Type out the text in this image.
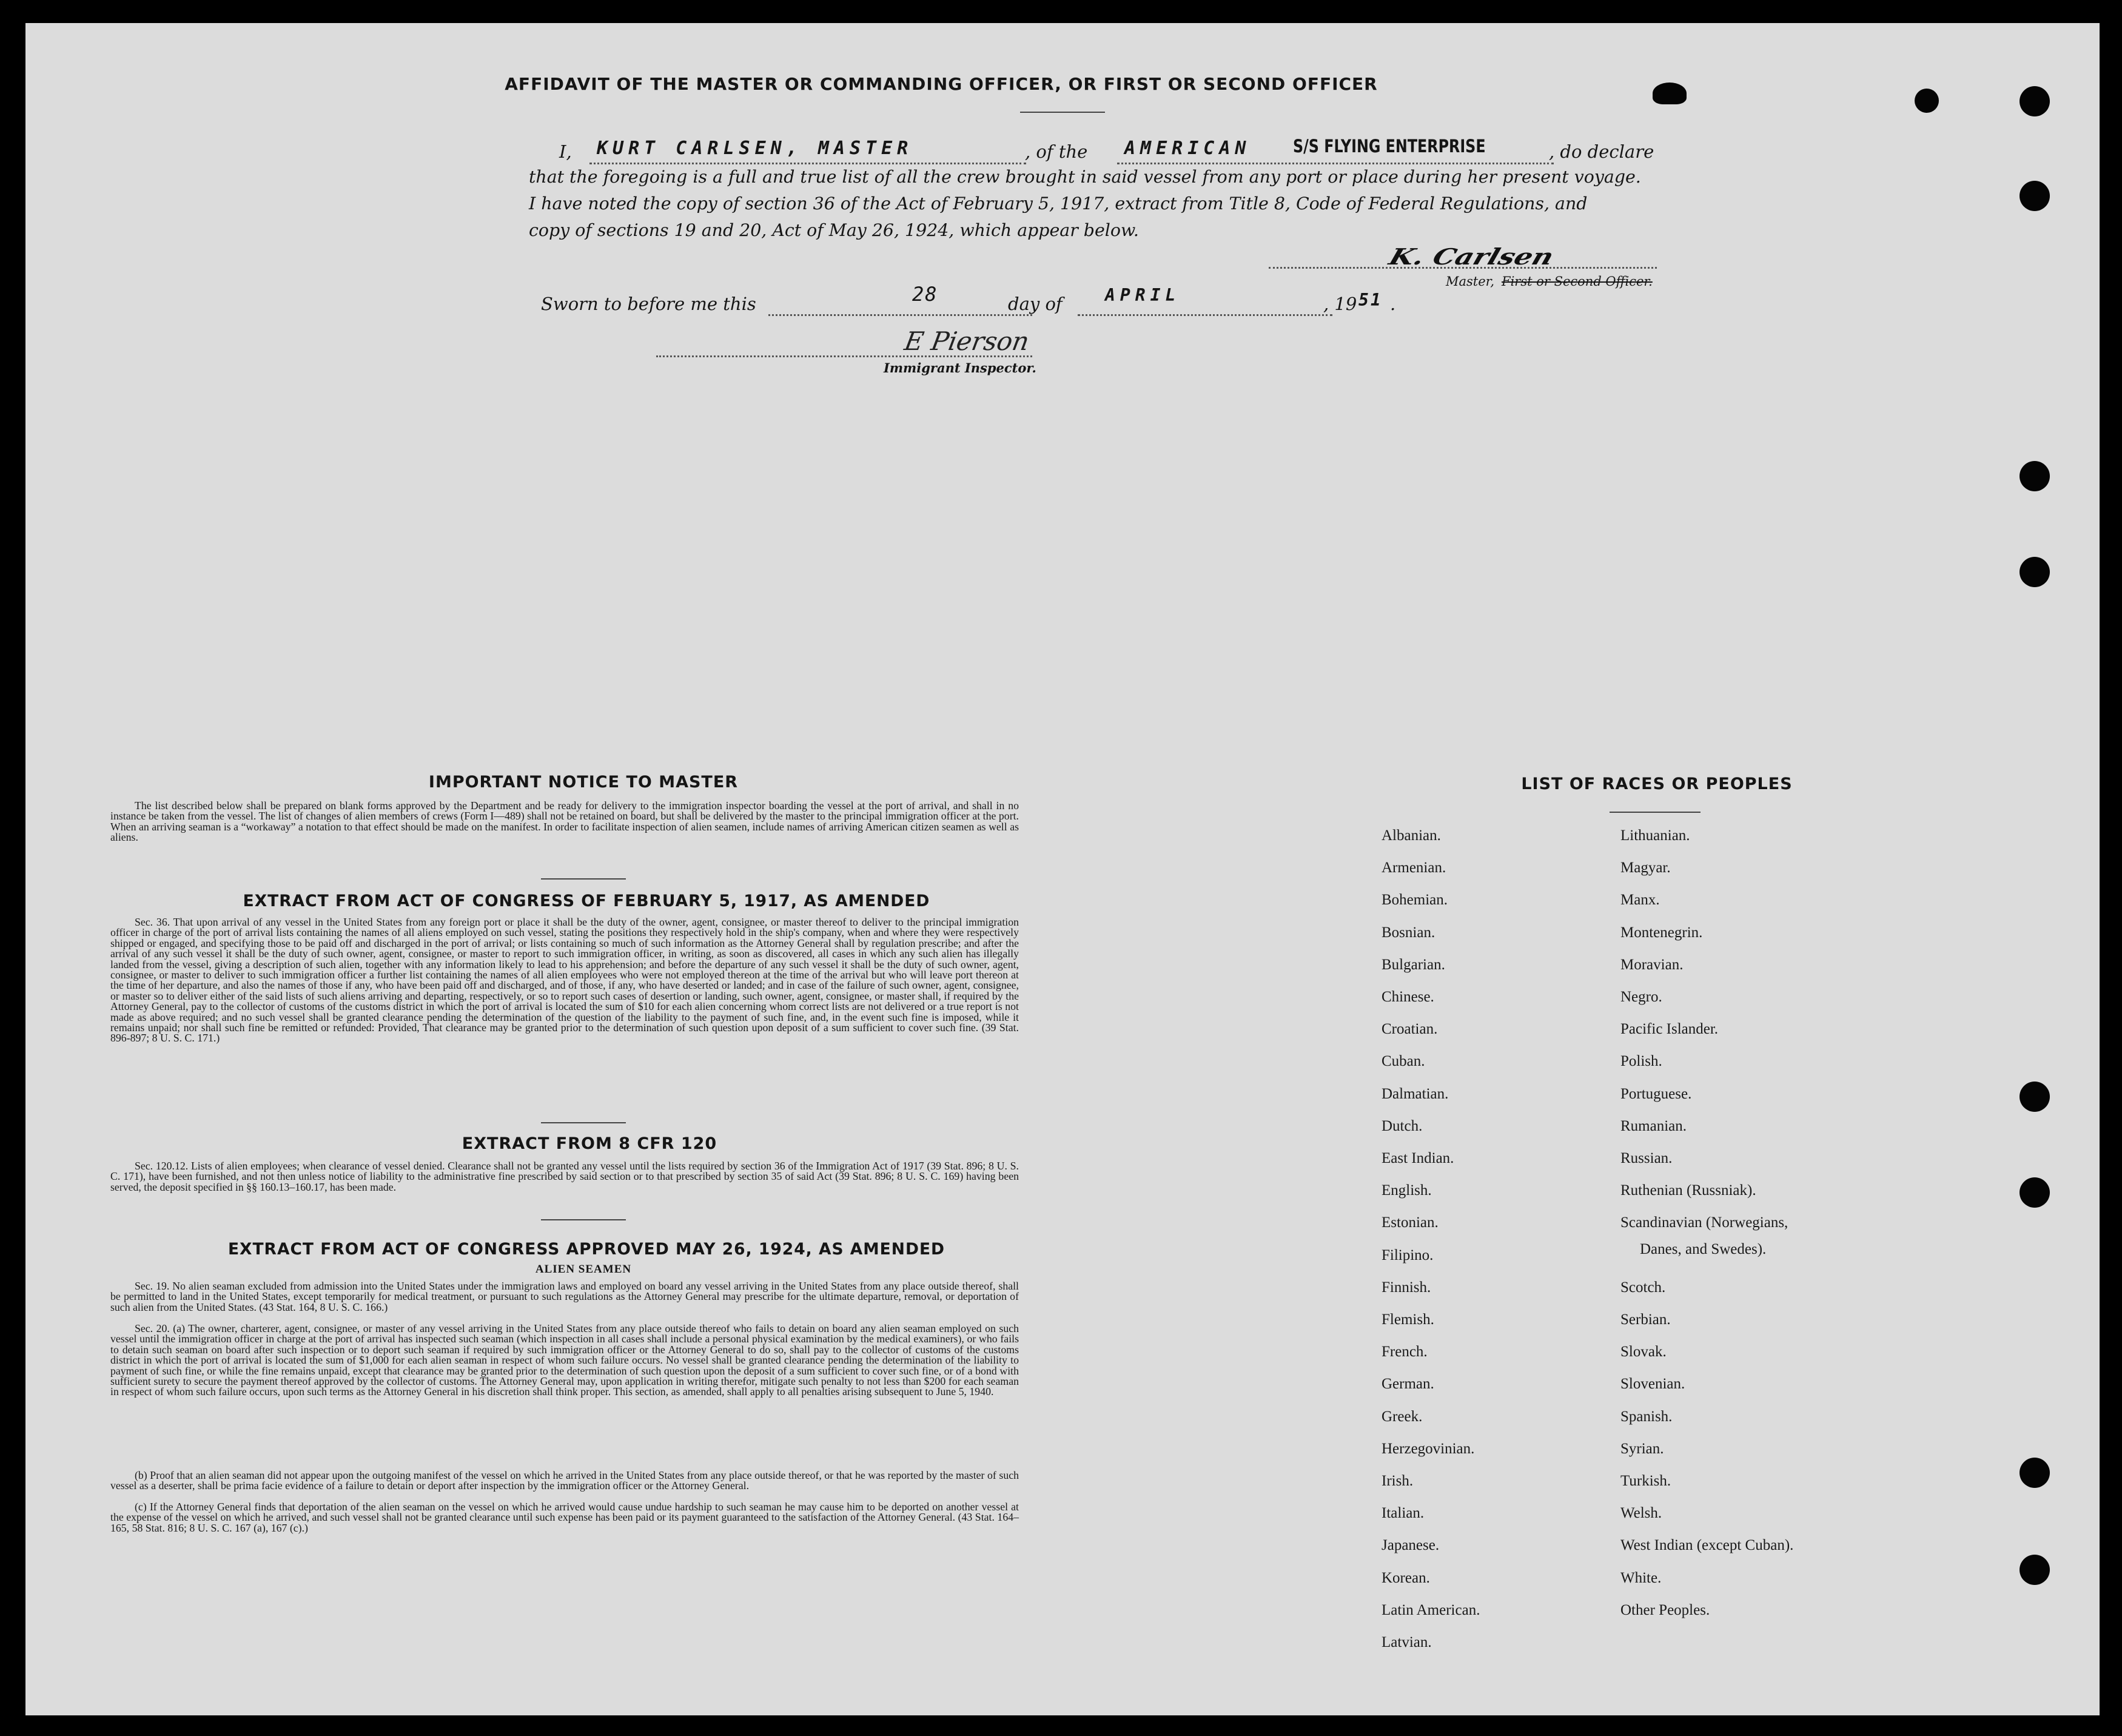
AFFIDAVIT OF THE MASTER OR COMMANDING OFFICER, OR FIRST OR SECOND OFFICER
I, KURT CARLSEN, MASTER	, of the AMERICAN S/S FLYING ENTERPRISE	, do declare
that the foregoing is a full and true list of all the crew brought in said vessel from any port or place during her present voyage.
I have noted the copy of section 36 of the Act of February 5, 1917, extract from Title 8, Code of Federal Regulations, and
copy of sections 19 and 20, Act of May 26, 1924, which appear below.
K. Carlsen
Master, First or Second Officer.
Sworn to before me this	28	day of	APRIL	, 19 51 .
E Pierson
Immigrant Inspector.
IMPORTANT NOTICE TO MASTER
The list described below shall be prepared on blank forms approved by the Department and be ready for delivery to the immigration inspector boarding the vessel at the port of arrival, and shall in no instance be taken from the vessel. The list of changes of alien members of crews (Form I—489) shall not be retained on board, but shall be delivered by the master to the principal immigration officer at the port. When an arriving seaman is a “workaway” a notation to that effect should be made on the manifest. In order to facilitate inspection of alien seamen, include names of arriving American citizen seamen as well as aliens.
EXTRACT FROM ACT OF CONGRESS OF FEBRUARY 5, 1917, AS AMENDED
Sec. 36. That upon arrival of any vessel in the United States from any foreign port or place it shall be the duty of the owner, agent, consignee, or master thereof to deliver to the principal immigration officer in charge of the port of arrival lists containing the names of all aliens employed on such vessel, stating the positions they respectively hold in the ship's company, when and where they were respectively shipped or engaged, and specifying those to be paid off and discharged in the port of arrival; or lists containing so much of such information as the Attorney General shall by regulation prescribe; and after the arrival of any such vessel it shall be the duty of such owner, agent, consignee, or master to report to such immigration officer, in writing, as soon as discovered, all cases in which any such alien has illegally landed from the vessel, giving a description of such alien, together with any information likely to lead to his apprehension; and before the departure of any such vessel it shall be the duty of such owner, agent, consignee, or master to deliver to such immigration officer a further list containing the names of all alien employees who were not employed thereon at the time of the arrival but who will leave port thereon at the time of her departure, and also the names of those if any, who have been paid off and discharged, and of those, if any, who have deserted or landed; and in case of the failure of such owner, agent, consignee, or master so to deliver either of the said lists of such aliens arriving and departing, respectively, or so to report such cases of desertion or landing, such owner, agent, consignee, or master shall, if required by the Attorney General, pay to the collector of customs of the customs district in which the port of arrival is located the sum of $10 for each alien concerning whom correct lists are not delivered or a true report is not made as above required; and no such vessel shall be granted clearance pending the determination of the question of the liability to the payment of such fine, and, in the event such fine is imposed, while it remains unpaid; nor shall such fine be remitted or refunded: Provided, That clearance may be granted prior to the determination of such question upon deposit of a sum sufficient to cover such fine. (39 Stat. 896-897; 8 U. S. C. 171.)
EXTRACT FROM 8 CFR 120
Sec. 120.12. Lists of alien employees; when clearance of vessel denied. Clearance shall not be granted any vessel until the lists required by section 36 of the Immigration Act of 1917 (39 Stat. 896; 8 U. S. C. 171), have been furnished, and not then unless notice of liability to the administrative fine prescribed by said section or to that prescribed by section 35 of said Act (39 Stat. 896; 8 U. S. C. 169) having been served, the deposit specified in §§ 160.13–160.17, has been made.
EXTRACT FROM ACT OF CONGRESS APPROVED MAY 26, 1924, AS AMENDED
ALIEN SEAMEN
Sec. 19. No alien seaman excluded from admission into the United States under the immigration laws and employed on board any vessel arriving in the United States from any place outside thereof, shall be permitted to land in the United States, except temporarily for medical treatment, or pursuant to such regulations as the Attorney General may prescribe for the ultimate departure, removal, or deportation of such alien from the United States. (43 Stat. 164, 8 U. S. C. 166.)
Sec. 20. (a) The owner, charterer, agent, consignee, or master of any vessel arriving in the United States from any place outside thereof who fails to detain on board any alien seaman employed on such vessel until the immigration officer in charge at the port of arrival has inspected such seaman (which inspection in all cases shall include a personal physical examination by the medical examiners), or who fails to detain such seaman on board after such inspection or to deport such seaman if required by such immigration officer or the Attorney General to do so, shall pay to the collector of customs of the customs district in which the port of arrival is located the sum of $1,000 for each alien seaman in respect of whom such failure occurs. No vessel shall be granted clearance pending the determination of the liability to payment of such fine, or while the fine remains unpaid, except that clearance may be granted prior to the determination of such question upon the deposit of a sum sufficient to cover such fine, or of a bond with sufficient surety to secure the payment thereof approved by the collector of customs. The Attorney General may, upon application in writing therefor, mitigate such penalty to not less than $200 for each seaman in respect of whom such failure occurs, upon such terms as the Attorney General in his discretion shall think proper. This section, as amended, shall apply to all penalties arising subsequent to June 5, 1940.
(b) Proof that an alien seaman did not appear upon the outgoing manifest of the vessel on which he arrived in the United States from any place outside thereof, or that he was reported by the master of such vessel as a deserter, shall be prima facie evidence of a failure to detain or deport after inspection by the immigration officer or the Attorney General.
(c) If the Attorney General finds that deportation of the alien seaman on the vessel on which he arrived would cause undue hardship to such seaman he may cause him to be deported on another vessel at the expense of the vessel on which he arrived, and such vessel shall not be granted clearance until such expense has been paid or its payment guaranteed to the satisfaction of the Attorney General. (43 Stat. 164–165, 58 Stat. 816; 8 U. S. C. 167 (a), 167 (c).)
LIST OF RACES OR PEOPLES
Albanian.
Armenian.
Bohemian.
Bosnian.
Bulgarian.
Chinese.
Croatian.
Cuban.
Dalmatian.
Dutch.
East Indian.
English.
Estonian.
Filipino.
Finnish.
Flemish.
French.
German.
Greek.
Herzegovinian.
Irish.
Italian.
Japanese.
Korean.
Latin American.
Latvian.
Lithuanian.
Magyar.
Manx.
Montenegrin.
Moravian.
Negro.
Pacific Islander.
Polish.
Portuguese.
Rumanian.
Russian.
Ruthenian (Russniak).
Scandinavian (Norwegians,
Scotch.
Serbian.
Slovak.
Slovenian.
Spanish.
Syrian.
Turkish.
Welsh.
West Indian (except Cuban).
White.
Other Peoples.
Danes, and Swedes).
